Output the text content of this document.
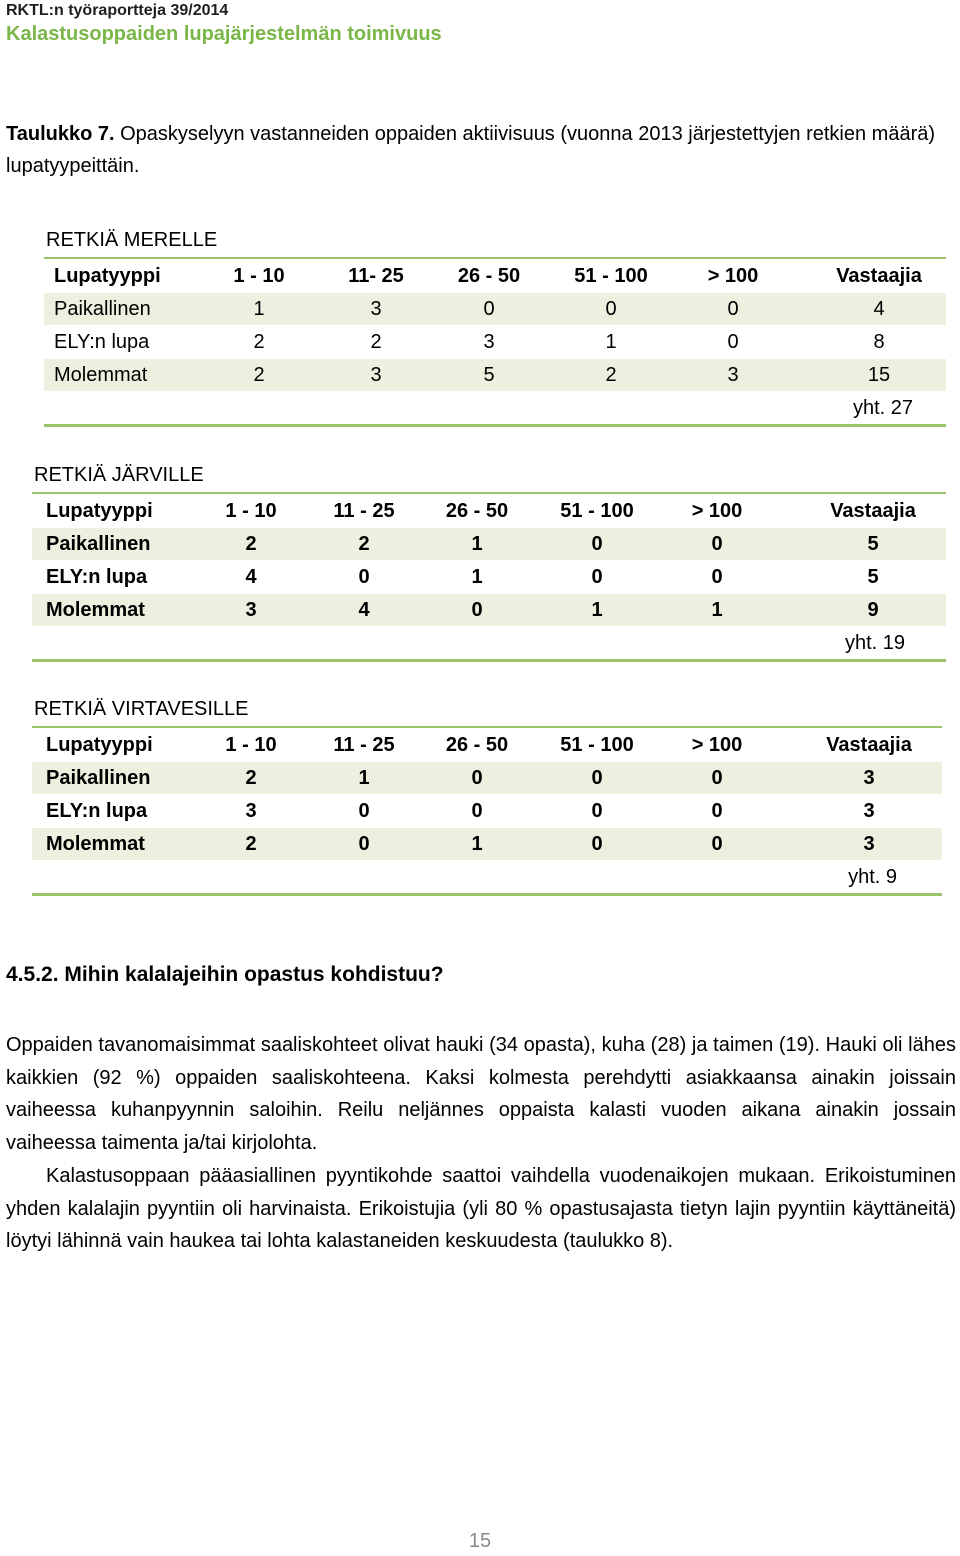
RKTL:n työraportteja 39/2014
Kalastusoppaiden lupajärjestelmän toimivuus
Taulukko 7. Opaskyselyyn vastanneiden oppaiden aktiivisuus (vuonna 2013 järjestettyjen retkien määrä) lupatyypeittäin.
RETKIÄ MERELLE
Lupatyyppi	1 - 10	11- 25	26 - 50	51 - 100	> 100	Vastaajia
Paikallinen	1	3	0	0	0	4
ELY:n lupa	2	2	3	1	0	8
Molemmat	2	3	5	2	3	15
yht. 27
RETKIÄ JÄRVILLE
Lupatyyppi	1 - 10	11 - 25	26 - 50	51 - 100	> 100	Vastaajia
Paikallinen	2	2	1	0	0	5
ELY:n lupa	4	0	1	0	0	5
Molemmat	3	4	0	1	1	9
yht. 19
RETKIÄ VIRTAVESILLE
Lupatyyppi	1 - 10	11 - 25	26 - 50	51 - 100	> 100	Vastaajia
Paikallinen	2	1	0	0	0	3
ELY:n lupa	3	0	0	0	0	3
Molemmat	2	0	1	0	0	3
yht. 9
4.5.2. Mihin kalalajeihin opastus kohdistuu?
Oppaiden tavanomaisimmat saaliskohteet olivat hauki (34 opasta), kuha (28) ja taimen (19). Hauki oli lähes kaikkien (92 %) oppaiden saaliskohteena. Kaksi kolmesta perehdytti asiakkaansa ainakin joissain vaiheessa kuhanpyynnin saloihin. Reilu neljännes oppaista kalasti vuoden aikana ainakin jossain vaiheessa taimenta ja/tai kirjolohta.
Kalastusoppaan pääasiallinen pyyntikohde saattoi vaihdella vuodenaikojen mukaan. Erikoistuminen yhden kalalajin pyyntiin oli harvinaista. Erikoistujia (yli 80 % opastusajasta tietyn lajin pyyntiin käyttäneitä) löytyi lähinnä vain haukea tai lohta kalastaneiden keskuudesta (taulukko 8).
15
